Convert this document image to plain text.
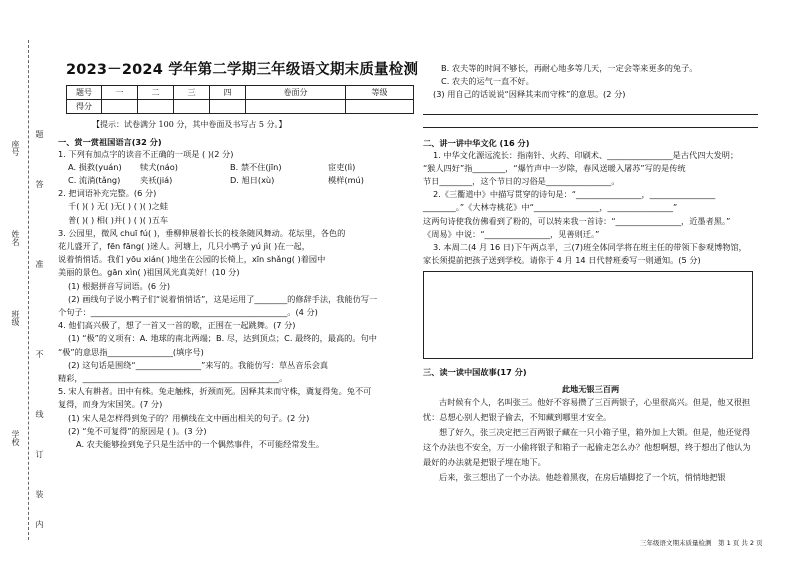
座号
题
姓名
答
班级
准
不
学校
线
订
装
内
2023－2024 学年第二学期三年级语文期末质量检测
题号	一	二	三	四	卷面分	等级
得分						
【提示：试卷满分 100 分，其中卷面及书写占 5 分。】
一、赏一赏祖国语言(32 分)
1. 下列有加点字的读音不正确的一项是 ( )(2 分)
A. 损救(yuán)	犊犬(náo)	B. 禁不住(jīn)	宦吏(lì)
C. 流淌(tǎng)	夹袄(jiá)	D. 旭日(xù)	模样(mú)
2. 把词语补充完整。(6 分)
千( )( ) 无( )无( ) ( )( )之蛙
普( )( ) 相( )并( ) ( )( )五车
3. 公园里，微风 chuī fú( )，垂柳伸展着长长的枝条随风舞动。花坛里，各色的
花儿盛开了，fēn fāng( )迷人。河塘上，几只小鸭子 yú jì( )在一起，
说着悄悄话。我们 yōu xián( )地坐在公园的长椅上，xīn shǎng( )着园中
美丽的景色。gān xìn( )祖国风光真美好！(10 分)
(1) 根据拼音写词语。(6 分)
(2) 画线句子说小鸭子们“说着悄悄话”，这是运用了________的修辞手法，我能仿写一
个句子：________________________________________________。(4 分)
4. 他们高兴极了，想了一首又一首的歌，正围在一起跳舞。(7 分)
(1) “极”的义项有：A. 地球的南北两端；B. 尽，达到顶点；C. 最终的，最高的。句中
“极”的意思指________________(填序号)
(2) 这句话是围绕“________________”来写的。我能仿写：草丛音乐会真
精彩，________________________________________________。
5. 宋人有耕者。田中有株。兔走触株，折颈而死。因释其耒而守株，冀复得兔。兔不可
复得，而身为宋国笑。(7 分)
(1) 宋人是怎样得到兔子的？用横线在文中画出相关的句子。(2 分)
(2) “兔不可复得”的原因是 ( )。(3 分)
A. 农夫能够捡到兔子只是生活中的一个偶然事件，不可能经常发生。
B. 农夫等的时间不够长，再耐心地多等几天，一定会等来更多的兔子。
C. 农夫的运气一直不好。
(3) 用自己的话说说“因释其耒而守株”的意思。(2 分)
二、讲一讲中华文化 (16 分)
1. 中华文化源远流长：指南针、火药、印刷术、________________是古代四大发明；
“猴人四好”指________，“爆竹声中一岁除，春风送暖入屠苏”写的是传统
节日________，这个节日的习俗是________________。
2.《三衢道中》中描写贯穿的诗句是：“________________，________________
________。”《大林寺桃花》中“________________，________________”
这两句诗使我仿佛看到了粉的，可以转来我一首诗：“________________，近墨者黑。”
《周易》中说：“________________，见善则迁。”
3. 本周二(4 月 16 日)下午两点半，三(7)班全体同学将在班主任的带领下参观博物馆，
家长须提前把孩子送到学校。请你于 4 月 14 日代替班委写一则通知。(5 分)
三、读一读中国故事(17 分)
此地无银三百两
古时候有个人，名叫张三。他好不容易攒了三百两银子，心里很高兴。但是，他又很担忧：总想心别人把银子偷去，不知藏到哪里才安全。
想了好久，张三决定把三百两银子藏在一只小箱子里，箱外加上大锁。但是，他还觉得这个办法也不安全，万一小偷将银子和箱子一起偷走怎么办？他想啊想，终于想出了他认为最好的办法就是把银子埋在地下。
后来，张三想出了一个办法。他趁着黑夜，在房后墙脚挖了一个坑，悄悄地把银
三年级语文期末质量检测　第 1 页 共 2 页
